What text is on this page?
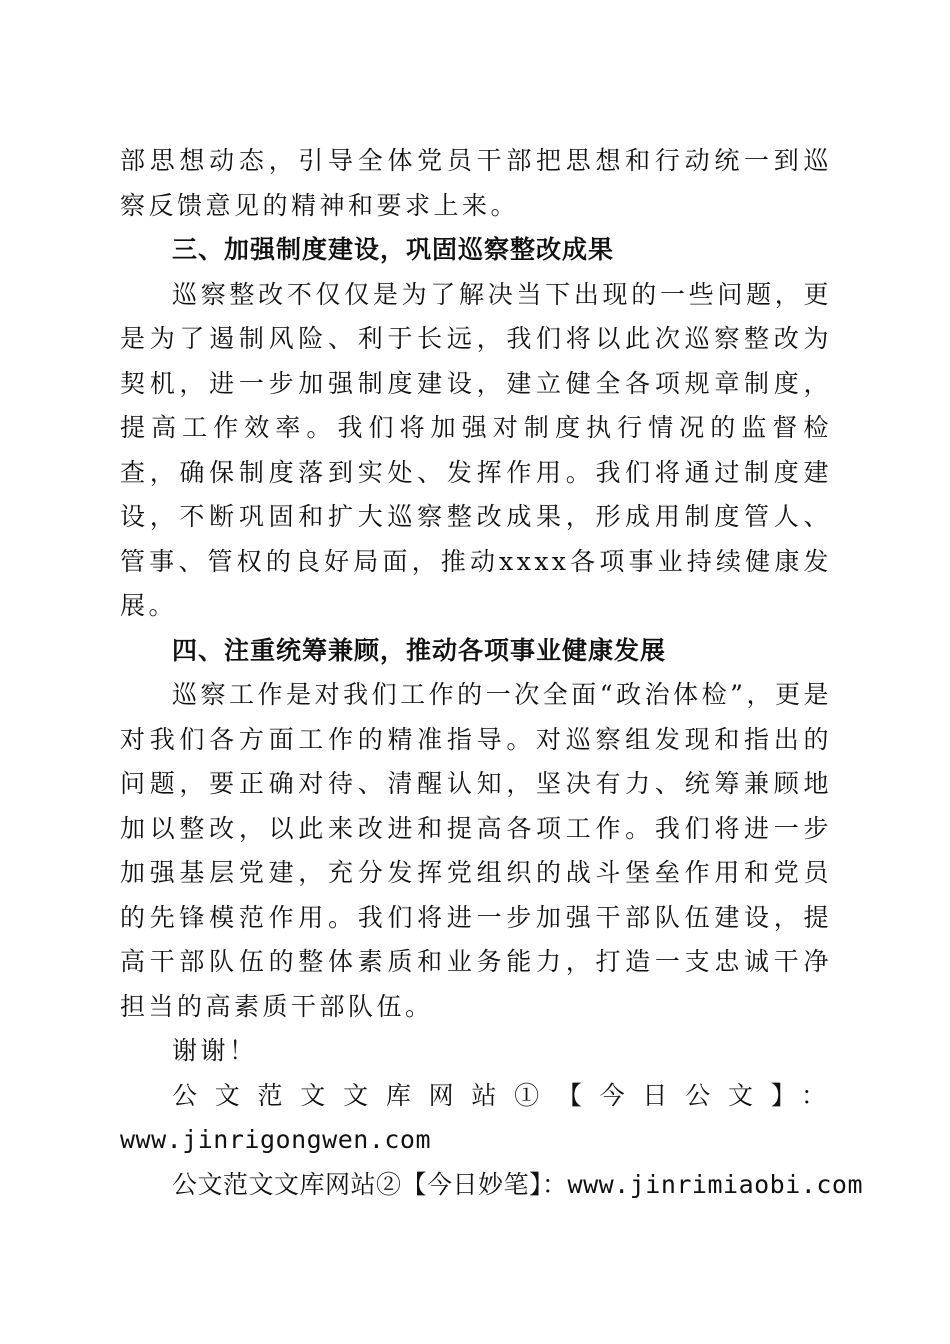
部思想动态，引导全体党员干部把思想和行动统一到巡察反馈意见的精神和要求上来。

三、加强制度建设，巩固巡察整改成果

巡察整改不仅仅是为了解决当下出现的一些问题，更是为了遏制风险、利于长远，我们将以此次巡察整改为契机，进一步加强制度建设，建立健全各项规章制度，提高工作效率。我们将加强对制度执行情况的监督检查，确保制度落到实处、发挥作用。我们将通过制度建设，不断巩固和扩大巡察整改成果，形成用制度管人、管事、管权的良好局面，推动xxxx各项事业持续健康发展。

四、注重统筹兼顾，推动各项事业健康发展

巡察工作是对我们工作的一次全面“政治体检”，更是对我们各方面工作的精准指导。对巡察组发现和指出的问题，要正确对待、清醒认知，坚决有力、统筹兼顾地加以整改，以此来改进和提高各项工作。我们将进一步加强基层党建，充分发挥党组织的战斗堡垒作用和党员的先锋模范作用。我们将进一步加强干部队伍建设，提高干部队伍的整体素质和业务能力，打造一支忠诚干净担当的高素质干部队伍。

谢谢！

公文范文文库网站①【今日公文】：

www.jinrigongwen.com

公文范文文库网站②【今日妙笔】：www.jinrimiaobi.com
